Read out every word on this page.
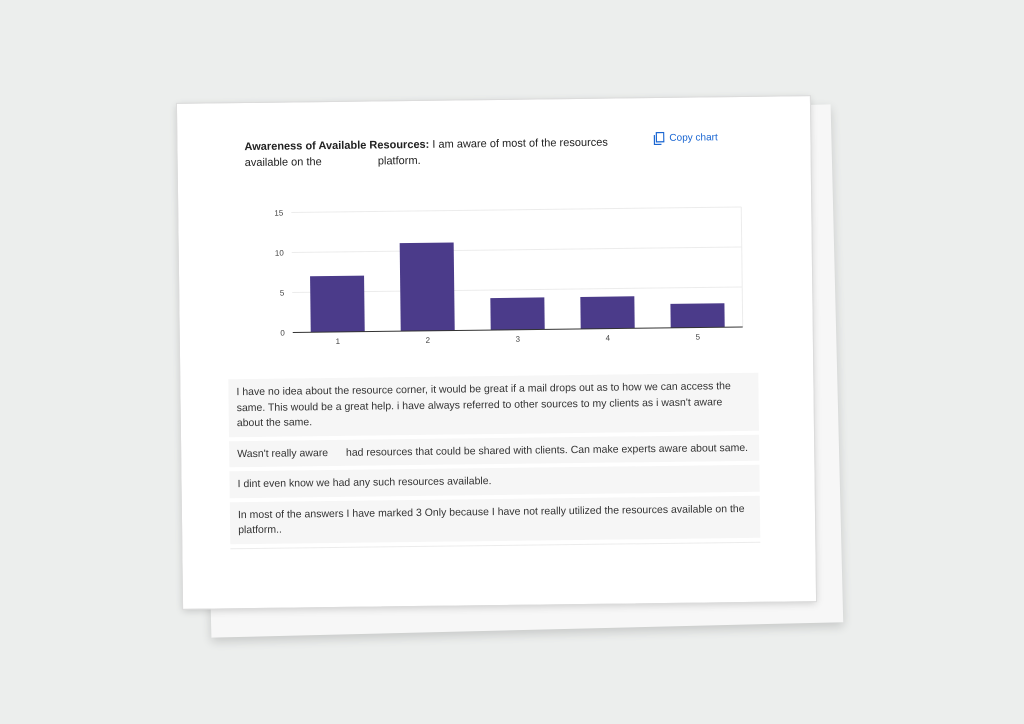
Awareness of Available Resources: I am aware of most of the resources available on the	platform.
Copy chart
0
5
10
15
1	2	3	4	5
I have no idea about the resource corner, it would be great if a mail drops out as to how we can access the same. This would be a great help. i have always referred to other sources to my clients as i wasn't aware about the same.
Wasn't really aware had resources that could be shared with clients. Can make experts aware about same.
I dint even know we had any such resources available.
In most of the answers I have marked 3 Only because I have not really utilized the resources available on the platform..
